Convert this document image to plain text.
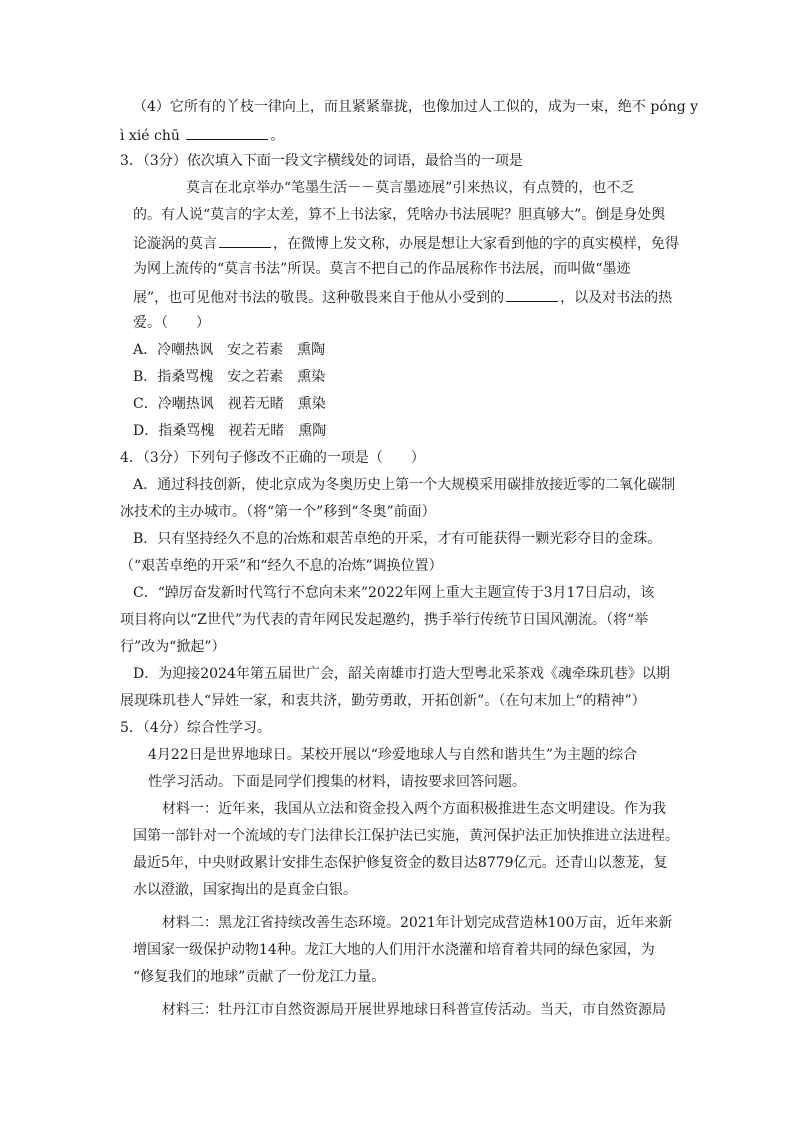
（4）它所有的丫枝一律向上，而且紧紧靠拢，也像加过人工似的，成为一束，绝不 póng y
ì xié chū	。
3．（3分）依次填入下面一段文字横线处的词语，最恰当的一项是
莫言在北京举办“笔墨生活－－莫言墨迹展”引来热议，有点赞的，也不乏
的。有人说“莫言的字太差，算不上书法家，凭啥办书法展呢？胆真够大”。倒是身处舆
论漩涡的莫言	，在微博上发文称，办展是想让大家看到他的字的真实模样，免得
为网上流传的“莫言书法”所误。莫言不把自己的作品展称作书法展，而叫做“墨迹
展”，也可见他对书法的敬畏。这种敬畏来自于他从小受到的	，以及对书法的热
爱。（　　）
A．冷嘲热讽　安之若素　熏陶
B．指桑骂槐　安之若素　熏染
C．冷嘲热讽　视若无睹　熏染
D．指桑骂槐　视若无睹　熏陶
4．（3分）下列句子修改不正确的一项是（　　）
A．通过科技创新，使北京成为冬奥历史上第一个大规模采用碳排放接近零的二氧化碳制
冰技术的主办城市。（将“第一个”移到“冬奥”前面）
B．只有坚持经久不息的冶炼和艰苦卓绝的开采，才有可能获得一颗光彩夺目的金珠。
（“艰苦卓绝的开采”和“经久不息的冶炼”调换位置）
C．“踔厉奋发新时代笃行不怠向未来”2022年网上重大主题宣传于3月17日启动，该
项目将向以“Z世代”为代表的青年网民发起邀约，携手举行传统节日国风潮流。（将“举
行”改为“掀起”）
D．为迎接2024年第五届世广会，韶关南雄市打造大型粤北采茶戏《魂牵珠玑巷》以期
展现珠玑巷人“异姓一家，和衷共济，勤劳勇敢，开拓创新”。（在句末加上“的精神”）
5．（4分）综合性学习。
4月22日是世界地球日。某校开展以“珍爱地球人与自然和谐共生”为主题的综合
性学习活动。下面是同学们搜集的材料，请按要求回答问题。
材料一：近年来，我国从立法和资金投入两个方面积极推进生态文明建设。作为我
国第一部针对一个流域的专门法律长江保护法已实施，黄河保护法正加快推进立法进程。
最近5年，中央财政累计安排生态保护修复资金的数目达8779亿元。还青山以葱茏，复
水以澄澈，国家掏出的是真金白银。
材料二：黑龙江省持续改善生态环境。2021年计划完成营造林100万亩，近年来新
增国家一级保护动物14种。龙江大地的人们用汗水浇灌和培育着共同的绿色家园，为
“修复我们的地球”贡献了一份龙江力量。
材料三：牡丹江市自然资源局开展世界地球日科普宣传活动。当天，市自然资源局
